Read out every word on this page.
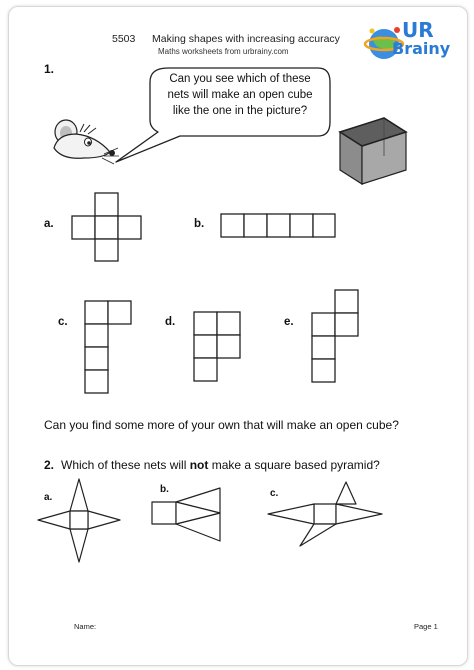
5503 Making shapes with increasing accuracy
Maths worksheets from urbrainy.com
UR
Brainy
1.
Can you see which of these
nets will make an open cube
like the one in the picture?
a.	b.
c.	d.	e.
Can you find some more of your own that will make an open cube?
2. Which of these nets will not make a square based pyramid?
a.
b.	c.
Name:	Page 1
